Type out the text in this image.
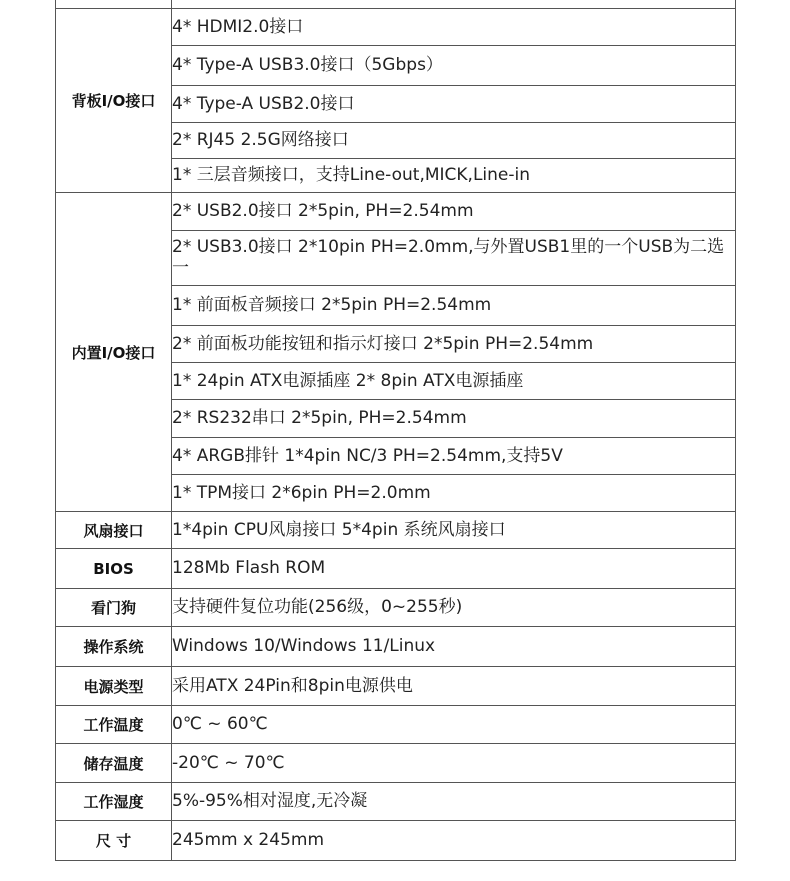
背板I/O接口	4* HDMI2.0接口
	4* Type-A USB3.0接口（5Gbps）
	4* Type-A USB2.0接口
	2* RJ45 2.5G网络接口
	1* 三层音频接口，支持Line-out,MICK,Line-in
内置I/O接口	2* USB2.0接口 2*5pin, PH=2.54mm
	2* USB3.0接口 2*10pin PH=2.0mm,与外置USB1里的一个USB为二选一
	1* 前面板音频接口 2*5pin PH=2.54mm
	2* 前面板功能按钮和指示灯接口 2*5pin PH=2.54mm
	1* 24pin ATX电源插座 2* 8pin ATX电源插座
	2* RS232串口 2*5pin, PH=2.54mm
	4* ARGB排针 1*4pin NC/3 PH=2.54mm,支持5V
	1* TPM接口 2*6pin PH=2.0mm
风扇接口	1*4pin CPU风扇接口 5*4pin 系统风扇接口
BIOS	128Mb Flash ROM
看门狗	支持硬件复位功能(256级，0~255秒)
操作系统	Windows 10/Windows 11/Linux
电源类型	采用ATX 24Pin和8pin电源供电
工作温度	0℃ ~ 60℃
储存温度	-20℃ ~ 70℃
工作湿度	5%-95%相对湿度,无冷凝
尺 寸	245mm x 245mm
